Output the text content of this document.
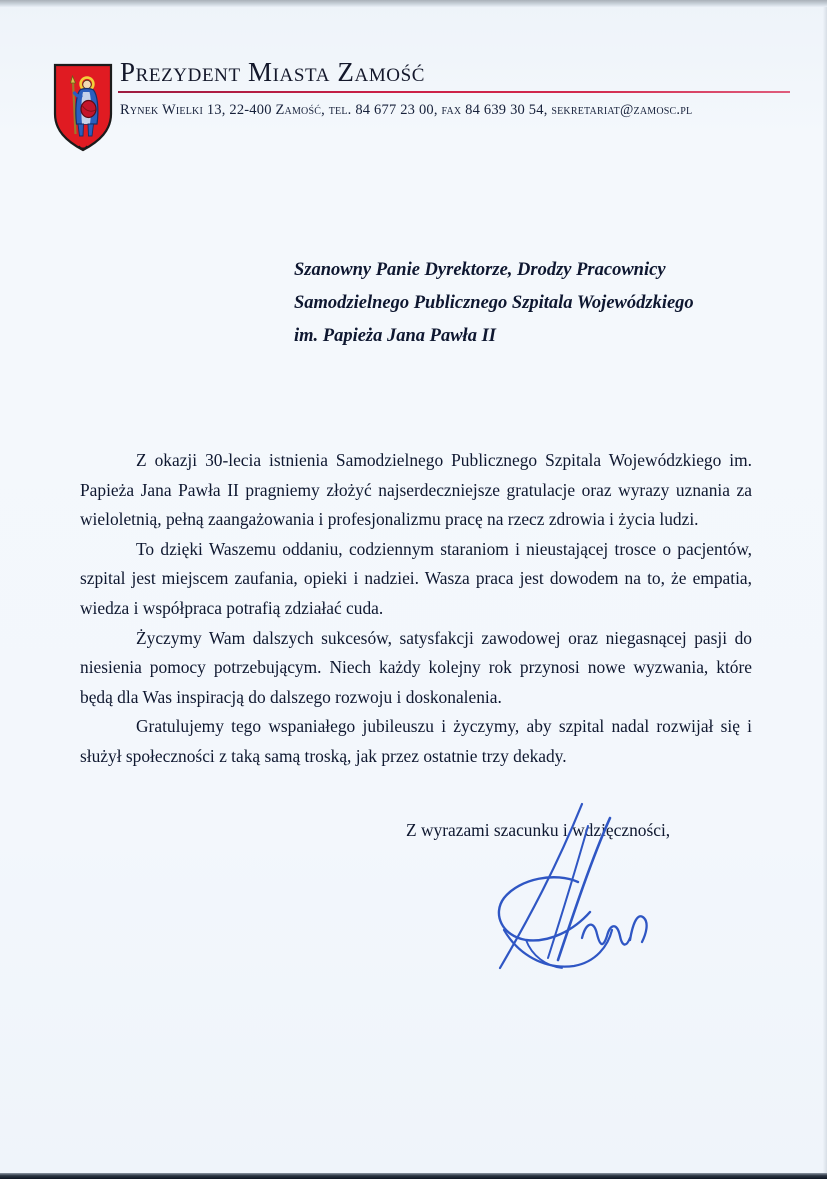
Prezydent Miasta Zamość
Rynek Wielki 13, 22-400 Zamość, tel. 84 677 23 00, fax 84 639 30 54, sekretariat@zamosc.pl
Szanowny Panie Dyrektorze, Drodzy Pracownicy
Samodzielnego Publicznego Szpitala Wojewódzkiego
im. Papieża Jana Pawła II

Z okazji 30-lecia istnienia Samodzielnego Publicznego Szpitala Wojewódzkiego im. Papieża Jana Pawła II pragniemy złożyć najserdeczniejsze gratulacje oraz wyrazy uznania za wieloletnią, pełną zaangażowania i profesjonalizmu pracę na rzecz zdrowia i życia ludzi.

To dzięki Waszemu oddaniu, codziennym staraniom i nieustającej trosce o pacjentów, szpital jest miejscem zaufania, opieki i nadziei. Wasza praca jest dowodem na to, że empatia, wiedza i współpraca potrafią zdziałać cuda.

Życzymy Wam dalszych sukcesów, satysfakcji zawodowej oraz niegasnącej pasji do niesienia pomocy potrzebującym. Niech każdy kolejny rok przynosi nowe wyzwania, które będą dla Was inspiracją do dalszego rozwoju i doskonalenia.

Gratulujemy tego wspaniałego jubileuszu i życzymy, aby szpital nadal rozwijał się i służył społeczności z taką samą troską, jak przez ostatnie trzy dekady.

Z wyrazami szacunku i wdzięczności,
